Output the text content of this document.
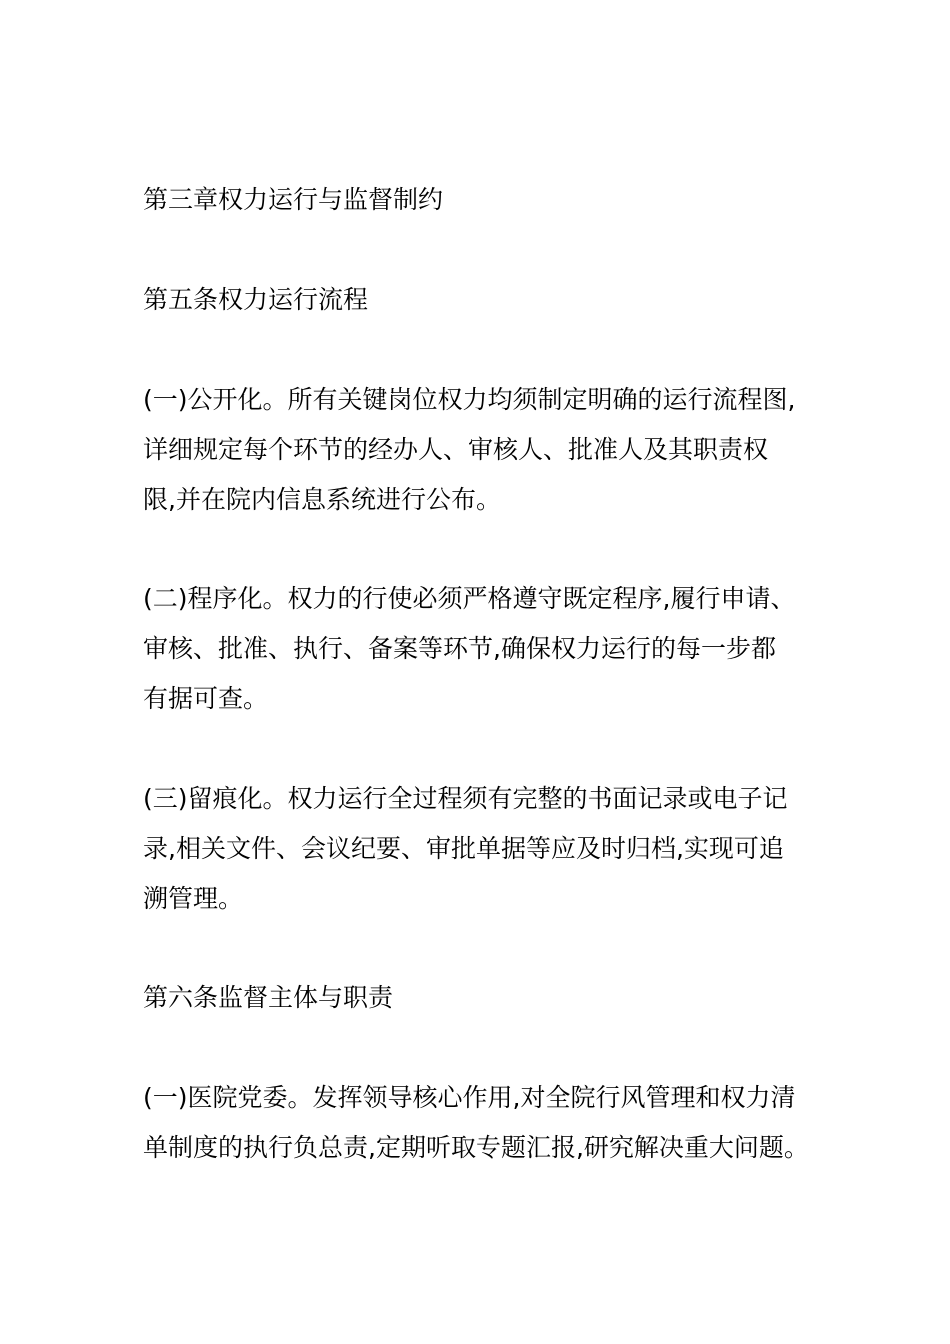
第三章权力运行与监督制约
第五条权力运行流程
(一)公开化。所有关键岗位权力均须制定明确的运行流程图,
详细规定每个环节的经办人、审核人、批准人及其职责权
限,并在院内信息系统进行公布。
(二)程序化。权力的行使必须严格遵守既定程序,履行申请、
审核、批准、执行、备案等环节,确保权力运行的每一步都
有据可查。
(三)留痕化。权力运行全过程须有完整的书面记录或电子记
录,相关文件、会议纪要、审批单据等应及时归档,实现可追
溯管理。
第六条监督主体与职责
(一)医院党委。发挥领导核心作用,对全院行风管理和权力清
单制度的执行负总责,定期听取专题汇报,研究解决重大问题。
